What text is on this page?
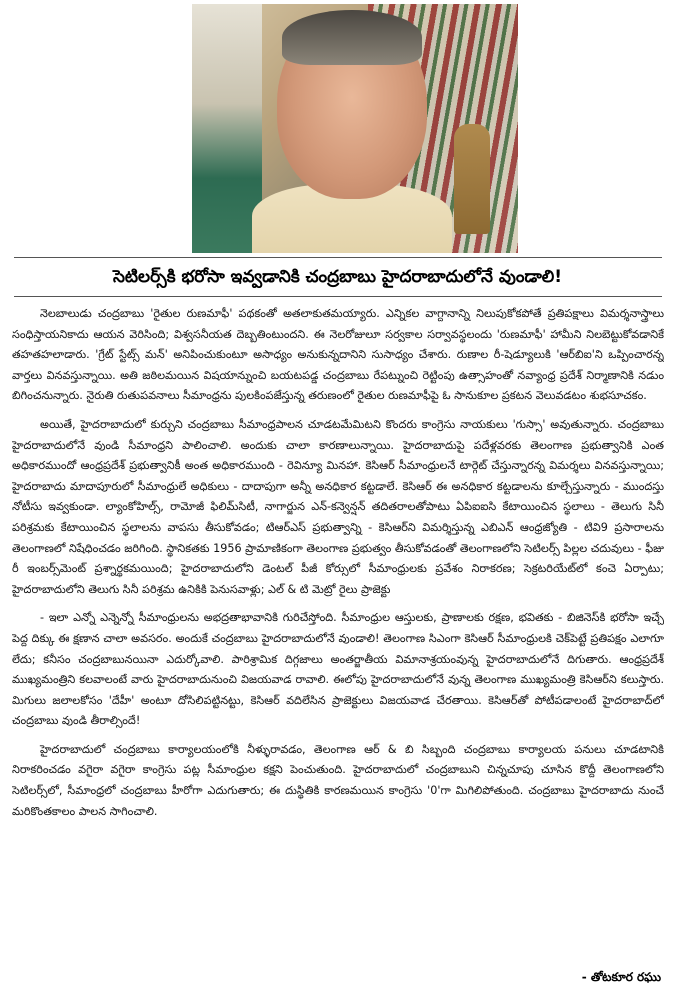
సెటిలర్స్‌కి భరోసా ఇవ్వడానికి చంద్రబాబు హైదరాబాదులోనే వుండాలి!

నెలబాలుడు చంద్రబాబు 'రైతుల రుణమాఫీ' పథకంతో అతలాకుతమయ్యారు. ఎన్నికల వాగ్దానాన్ని నిలుపుకోకపోతే ప్రతిపక్షాలు విమర్శనాస్త్రాలు సంధిస్తాయనికాదు ఆయన వెరిసింది; విశ్వసనీయత దెబ్బతింటుందని. ఈ నెలరోజులూ సర్వకాల సర్వావస్థలందు 'రుణమాఫీ' హామీని నిలబెట్టుకోవడానికే తహతహలాడారు. 'గ్రేట్ స్టేట్స్ మన్' అనిపించుకుంటూ అసాధ్యం అనుకున్నదానిని సుసాధ్యం చేశారు. రుణాల రీ-షెడ్యూలుకి 'ఆర్‌బిఐ'ని ఒప్పించారన్న వార్తలు వినవస్తున్నాయి. అతి జఠిలమయిన విషయాన్నుంచి బయటపడ్డ చంద్రబాబు రేపట్నుంచి రెట్టింపు ఉత్సాహంతో నవ్యాంధ్ర ప్రదేశ్ నిర్మాణానికి నడుం బిగించనున్నారు. నైరుతి రుతుపవనాలు సీమాంధ్రను పులకింపజేస్తున్న తరుణంలో రైతుల రుణమాఫీపై ఓ సానుకూల ప్రకటన వెలువడటం శుభసూచకం.

అయితే, హైదరాబాదులో కుర్చుని చంద్రబాబు సీమాంధ్రపాలన చూడటమేమిటని కొందరు కాంగ్రెసు నాయకులు 'గుస్సా' అవుతున్నారు. చంద్రబాబు హైదరాబాదులోనే వుండి సీమాంధ్రని పాలించాలి. అందుకు చాలా కారణాలున్నాయి. హైదరాబాదుపై పదేళ్లవరకు తెలంగాణ ప్రభుత్వానికి ఎంత అధికారముందో ఆంధ్రప్రదేశ్ ప్రభుత్వానికీ అంత అధికారముంది - రెవిన్యూ మినహా. కెసిఆర్ సీమాంధ్రులనే టార్గెట్ చేస్తున్నారన్న విమర్శలు వినవస్తున్నాయి; హైదరాబాదు మాదాపూరులో సీమాంధ్రులే అధికులు - దాదాపుగా అన్నీ అనధికార కట్టడాలే. కెసిఆర్ ఈ అనధికార కట్టడాలను కూల్చేస్తున్నారు - ముందస్తు నోటీసు ఇవ్వకుండా. ల్యాంకోహిల్స్, రామోజీ ఫిలిమ్‌సిటీ, నాగార్జున ఎన్-కన్వెన్షన్ తదితరాలతోపాటు ఏపిఐఐసి కేటాయించిన స్థలాలు - తెలుగు సినీ పరిశ్రమకు కేటాయించిన స్థలాలను వాపసు తీసుకోవడం; టిఆర్ఎస్ ప్రభుత్వాన్ని - కెసిఆర్‌ని విమర్శిస్తున్న ఎబిఎన్ ఆంధ్రజ్యోతి - టివి9 ప్రసారాలను తెలంగాణలో నిషేధించడం జరిగింది. స్థానికతకు 1956 ప్రామాణికంగా తెలంగాణ ప్రభుత్వం తీసుకోవడంతో తెలంగాణలోని సెటిలర్స్ పిల్లల చదువులు - ఫీజు రీ ఇంబర్స్‌మెంట్ ప్రశ్నార్థకమయింది; హైదరాబాదులోని డెంటల్ పీజీ కోర్సులో సీమాంధ్రులకు ప్రవేశం నిరాకరణ; సెక్రటరియేట్‌లో కంచె ఏర్పాటు; హైదరాబాదులోని తెలుగు సినీ పరిశ్రమ ఉనికికి పెనుసవాళ్లు; ఎల్ & టి మెట్రో రైలు ప్రాజెక్టు

- ఇలా ఎన్నో ఎన్నెన్నో సీమాంధ్రులను అభద్రతాభావానికి గురిచేస్తోంది. సీమాంధ్రుల ఆస్తులకు, ప్రాణాలకు రక్షణ, భవితకు - బిజినెస్‌కి భరోసా ఇచ్చే పెద్ద దిక్కు ఈ క్షణాన చాలా అవసరం. అందుకే చంద్రబాబు హైదరాబాదులోనే వుండాలి! తెలంగాణ సిఎంగా కెసిఆర్ సీమాంధ్రులకి చెక్‌పెట్టే ప్రతిపక్షం ఎలాగూ లేదు; కనీసం చంద్రబాబునయినా ఎదుర్కోవాలి. పారిశ్రామిక దిగ్గజాలు అంతర్జాతీయ విమానాశ్రయంవున్న హైదరాబాదులోనే దిగుతారు. ఆంధ్రప్రదేశ్ ముఖ్యమంత్రిని కలవాలంటే వారు హైదరాబాదునుంచి విజయవాడ రావాలి. ఈలోపు హైదరాబాదులోనే వున్న తెలంగాణ ముఖ్యమంత్రి కెసిఆర్‌ని కలుస్తారు. మిగులు జలాలకోసం 'దేహీ' అంటూ దోసిలిపట్టినట్టు, కెసిఆర్ వదిలేసిన ప్రాజెక్టులు విజయవాడ చేరతాయి. కెసిఆర్‌తో పోటీపడాలంటే హైదరాబాద్‌లో చంద్రబాబు వుండి తీరాల్సిందే!

హైదరాబాదులో చంద్రబాబు కార్యాలయంలోకి నీళ్ళురావడం, తెలంగాణ ఆర్ & బి సిబ్బంది చంద్రబాబు కార్యాలయ పనులు చూడటానికి నిరాకరించడం వగైరా వగైరా కాంగ్రెసు పట్ల సీమాంధ్రుల కక్షని పెంచుతుంది. హైదరాబాదులో చంద్రబాబుని చిన్నచూపు చూసిన కొద్దీ తెలంగాణలోని సెటిలర్స్‌లో, సీమాంధ్రలో చంద్రబాబు హీరోగా ఎదుగుతారు; ఈ దుస్థితికి కారణమయిన కాంగ్రెసు '0'గా మిగిలిపోతుంది. చంద్రబాబు హైదరాబాదు నుంచే మరికొంతకాలం పాలన సాగించాలి.

- తోటకూర రఘు
